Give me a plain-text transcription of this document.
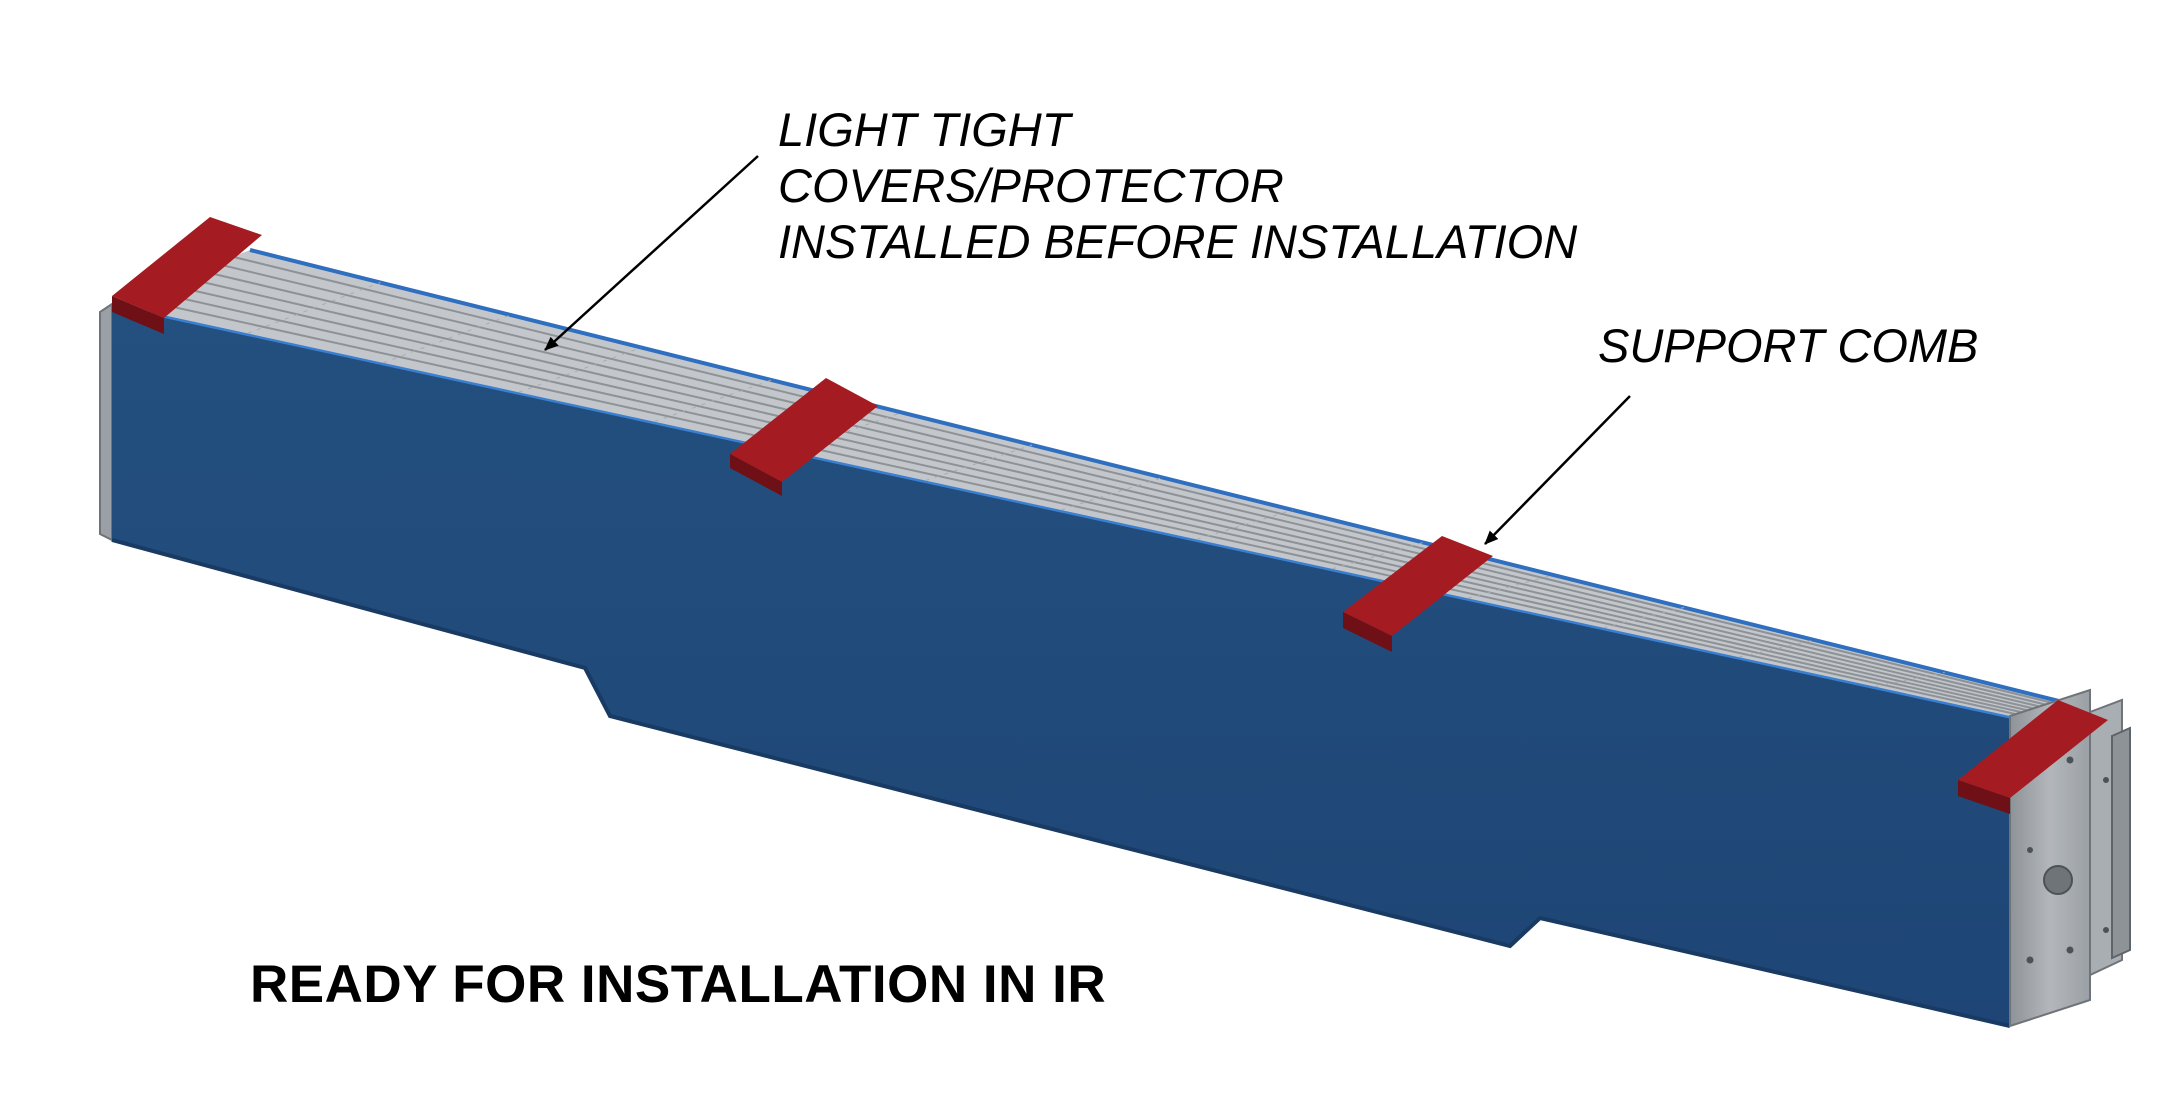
LIGHT TIGHT
COVERS/PROTECTOR
INSTALLED BEFORE INSTALLATION
SUPPORT COMB
READY FOR INSTALLATION IN IR
